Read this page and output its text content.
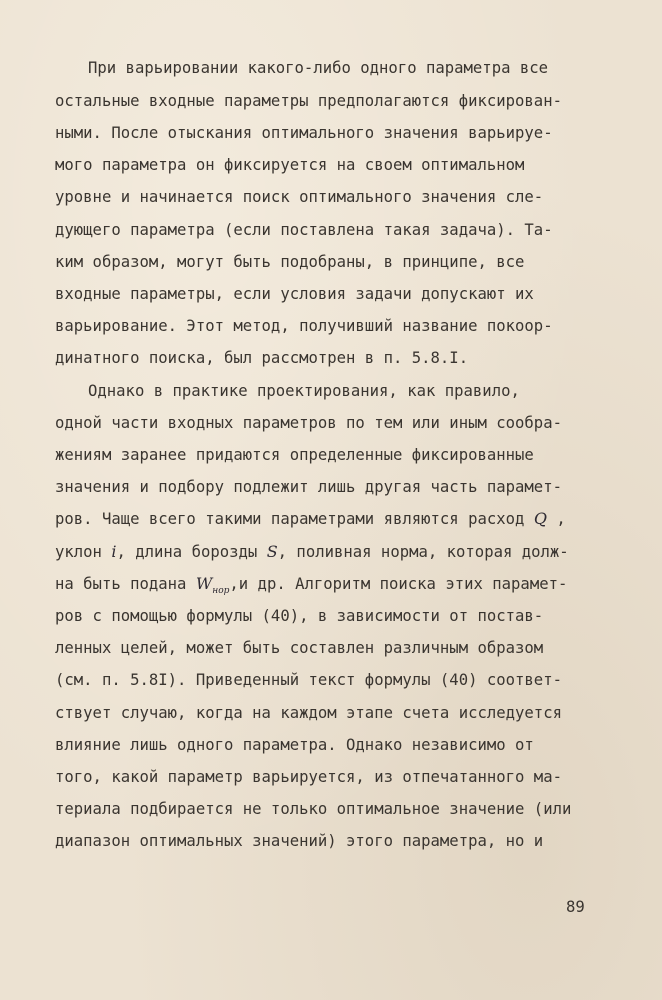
При варьировании какого-либо одного параметра все
остальные входные параметры предполагаются фиксирован-
ными. После отыскания оптимального значения варьируе-
мого параметра он фиксируется на своем оптимальном
уровне и начинается поиск оптимального значения сле-
дующего параметра (если поставлена такая задача). Та-
ким образом, могут быть подобраны, в принципе, все
входные параметры, если условия задачи допускают их
варьирование. Этот метод, получивший название покоор-
динатного поиска, был рассмотрен в п. 5.8.I.
Однако в практике проектирования, как правило,
одной части входных параметров по тем или иным сообра-
жениям заранее придаются определенные фиксированные
значения и подбору подлежит лишь другая часть парамет-
ров. Чаще всего такими параметрами являются расход Q ,
уклон i, длина борозды S, поливная норма, которая долж-
на быть подана $W_{нор},и$ др. Алгоритм поиска этих парамет-
ров с помощью формулы (40), в зависимости от постав-
ленных целей, может быть составлен различным образом
(см. п. 5.8I). Приведенный текст формулы (40) соответ-
ствует случаю, когда на каждом этапе счета исследуется
влияние лишь одного параметра. Однако независимо от
того, какой параметр варьируется, из отпечатанного ма-
териала подбирается не только оптимальное значение (или
диапазон оптимальных значений) этого параметра, но и
89
